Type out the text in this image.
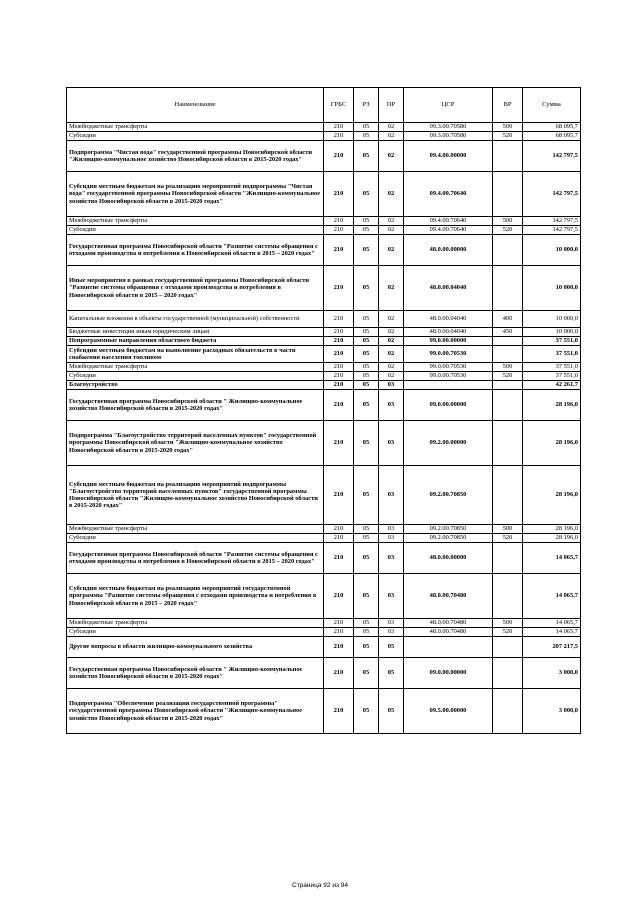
Наименование	ГРБС	РЗ	ПР	ЦСР	ВР	Сумма
Межбюджетные трансферты	210	05	02	09.3.00.70580	500	68 095,7
Субсидии	210	05	02	09.3.00.70580	520	68 095,7
Подпрограмма "Чистая вода" государственной программы Новосибирской области "Жилищно-коммунальное хозяйство Новосибирской области в 2015-2020 годах"	210	05	02	09.4.00.00000		142 797,5
Субсидии местным бюджетам на реализацию мероприятий подпрограммы "Чистая вода" государственной программы Новосибирской области "Жилищно-коммунальное хозяйство Новосибирской области в 2015-2020 годах"	210	05	02	09.4.00.70640		142 797,5
Межбюджетные трансферты	210	05	02	09.4.00.70640	500	142 797,5
Субсидии	210	05	02	09.4.00.70640	520	142 797,5
Государственная программа Новосибирской области "Развитие системы обращения с отходами производства и потребления в Новосибирской области в 2015 – 2020 годах"	210	05	02	48.0.00.00000		10 000,0
Иные мероприятия в рамках государственной программы Новосибирской области "Развитие системы обращения с отходами производства и потребления в Новосибирской области в 2015 – 2020 годах"	210	05	02	48.0.00.04040		10 000,0
Капитальные вложения в объекты государственной (муниципальной) собственности	210	05	02	48.0.00.04040	400	10 000,0
Бюджетные инвестиции иным юридическим лицам	210	05	02	48.0.00.04040	450	10 000,0
Непрограммные направления областного бюджета	210	05	02	99.0.00.00000		37 551,0
Субсидии местным бюджетам на выполнение расходных обязательств в части снабжения населения топливом	210	05	02	99.0.00.70530		37 551,0
Межбюджетные трансферты	210	05	02	99.0.00.70530	500	37 551,0
Субсидии	210	05	02	99.0.00.70530	520	37 551,0
Благоустройство	210	05	03			42 261,7
Государственная программа Новосибирской области " Жилищно-коммунальное хозяйство Новосибирской области в 2015-2020 годах"	210	05	03	09.0.00.00000		28 196,0
Подпрограмма "Благоустройство территорий населенных пунктов" государственной программы Новосибирской области "Жилищно-коммунальное хозяйство Новосибирской области в 2015-2020 годах"	210	05	03	09.2.00.00000		28 196,0
Субсидии местным бюджетам на реализацию мероприятий подпрограммы "Благоустройство территорий населенных пунктов" государственной программы Новосибирской области "Жилищно-коммунальное хозяйство Новосибирской области в 2015-2020 годах"	210	05	03	09.2.00.70850		28 196,0
Межбюджетные трансферты	210	05	03	09.2.00.70850	500	28 196,0
Субсидии	210	05	03	09.2.00.70850	520	28 196,0
Государственная программа Новосибирской области "Развитие системы обращения с отходами производства и потребления в Новосибирской области в 2015 – 2020 годах"	210	05	03	48.0.00.00000		14 065,7
Субсидии местным бюджетам на реализацию мероприятий государственной программы "Развитие системы обращения с отходами производства и потребления в Новосибирской области в 2015 – 2020 годах"	210	05	03	48.0.00.70480		14 065,7
Межбюджетные трансферты	210	05	03	48.0.00.70480	500	14 065,7
Субсидии	210	05	03	48.0.00.70480	520	14 065,7
Другие вопросы в области жилищно-коммунального хозяйства	210	05	05			207 217,5
Государственная программа Новосибирской области " Жилищно-коммунальное хозяйство Новосибирской области в 2015-2020 годах"	210	05	05	09.0.00.00000		3 000,0
Подпрограмма "Обеспечение реализации государственной программы" государственной программы Новосибирской области "Жилищно-коммунальное хозяйство Новосибирской области в 2015-2020 годах"	210	05	05	09.5.00.00000		3 000,0
Страница 92 из 94
